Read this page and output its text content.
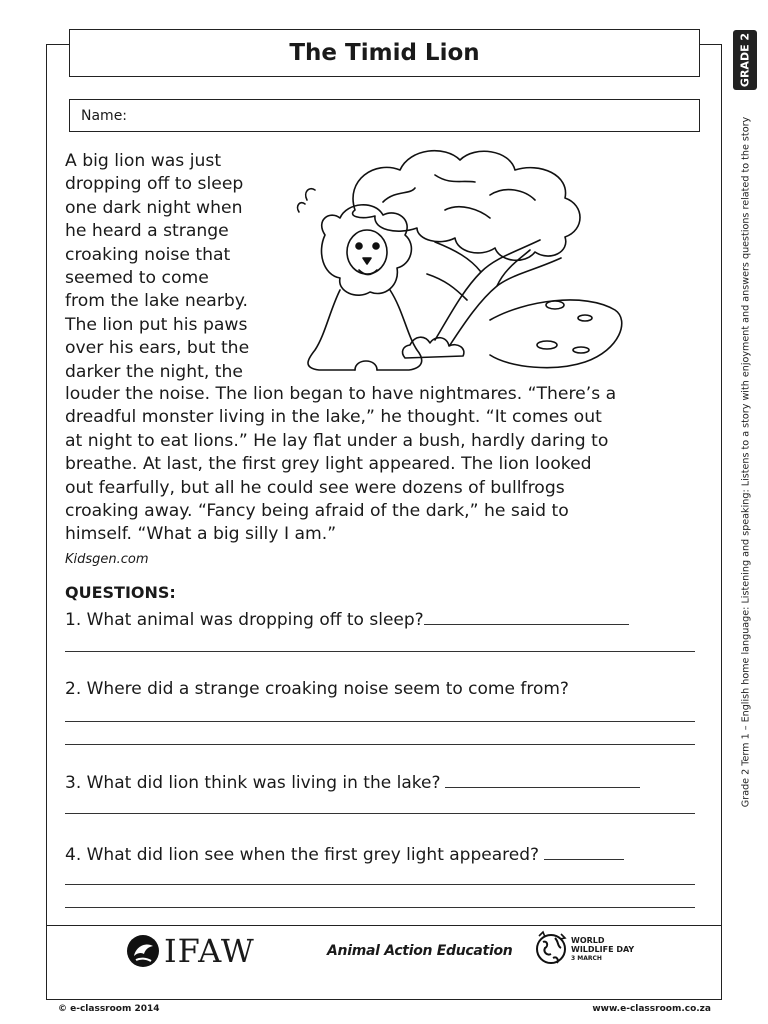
The Timid Lion
Name:

A big lion was just
dropping off to sleep
one dark night when
he heard a strange
croaking noise that
seemed to come
from the lake nearby.
The lion put his paws
over his ears, but the
darker the night, the

louder the noise. The lion began to have nightmares. “There’s a
dreadful monster living in the lake,” he thought. “It comes out
at night to eat lions.” He lay flat under a bush, hardly daring to
breathe. At last, the first grey light appeared. The lion looked
out fearfully, but all he could see were dozens of bullfrogs
croaking away. “Fancy being afraid of the dark,” he said to
himself. “What a big silly I am.”

Kidsgen.com
QUESTIONS:
1. What animal was dropping off to sleep?
2. Where did a strange croaking noise seem to come from?
3. What did lion think was living in the lake?
4. What did lion see when the first grey light appeared?
GRADE 2
Grade 2 Term 1 – English home language: Listening and speaking: Listens to a story with enjoyment and answers questions related to the story
IFAW	Animal Action Education
WORLD
WILDLIFE DAY
3 MARCH
© e-classroom 2014	www.e-classroom.co.za
